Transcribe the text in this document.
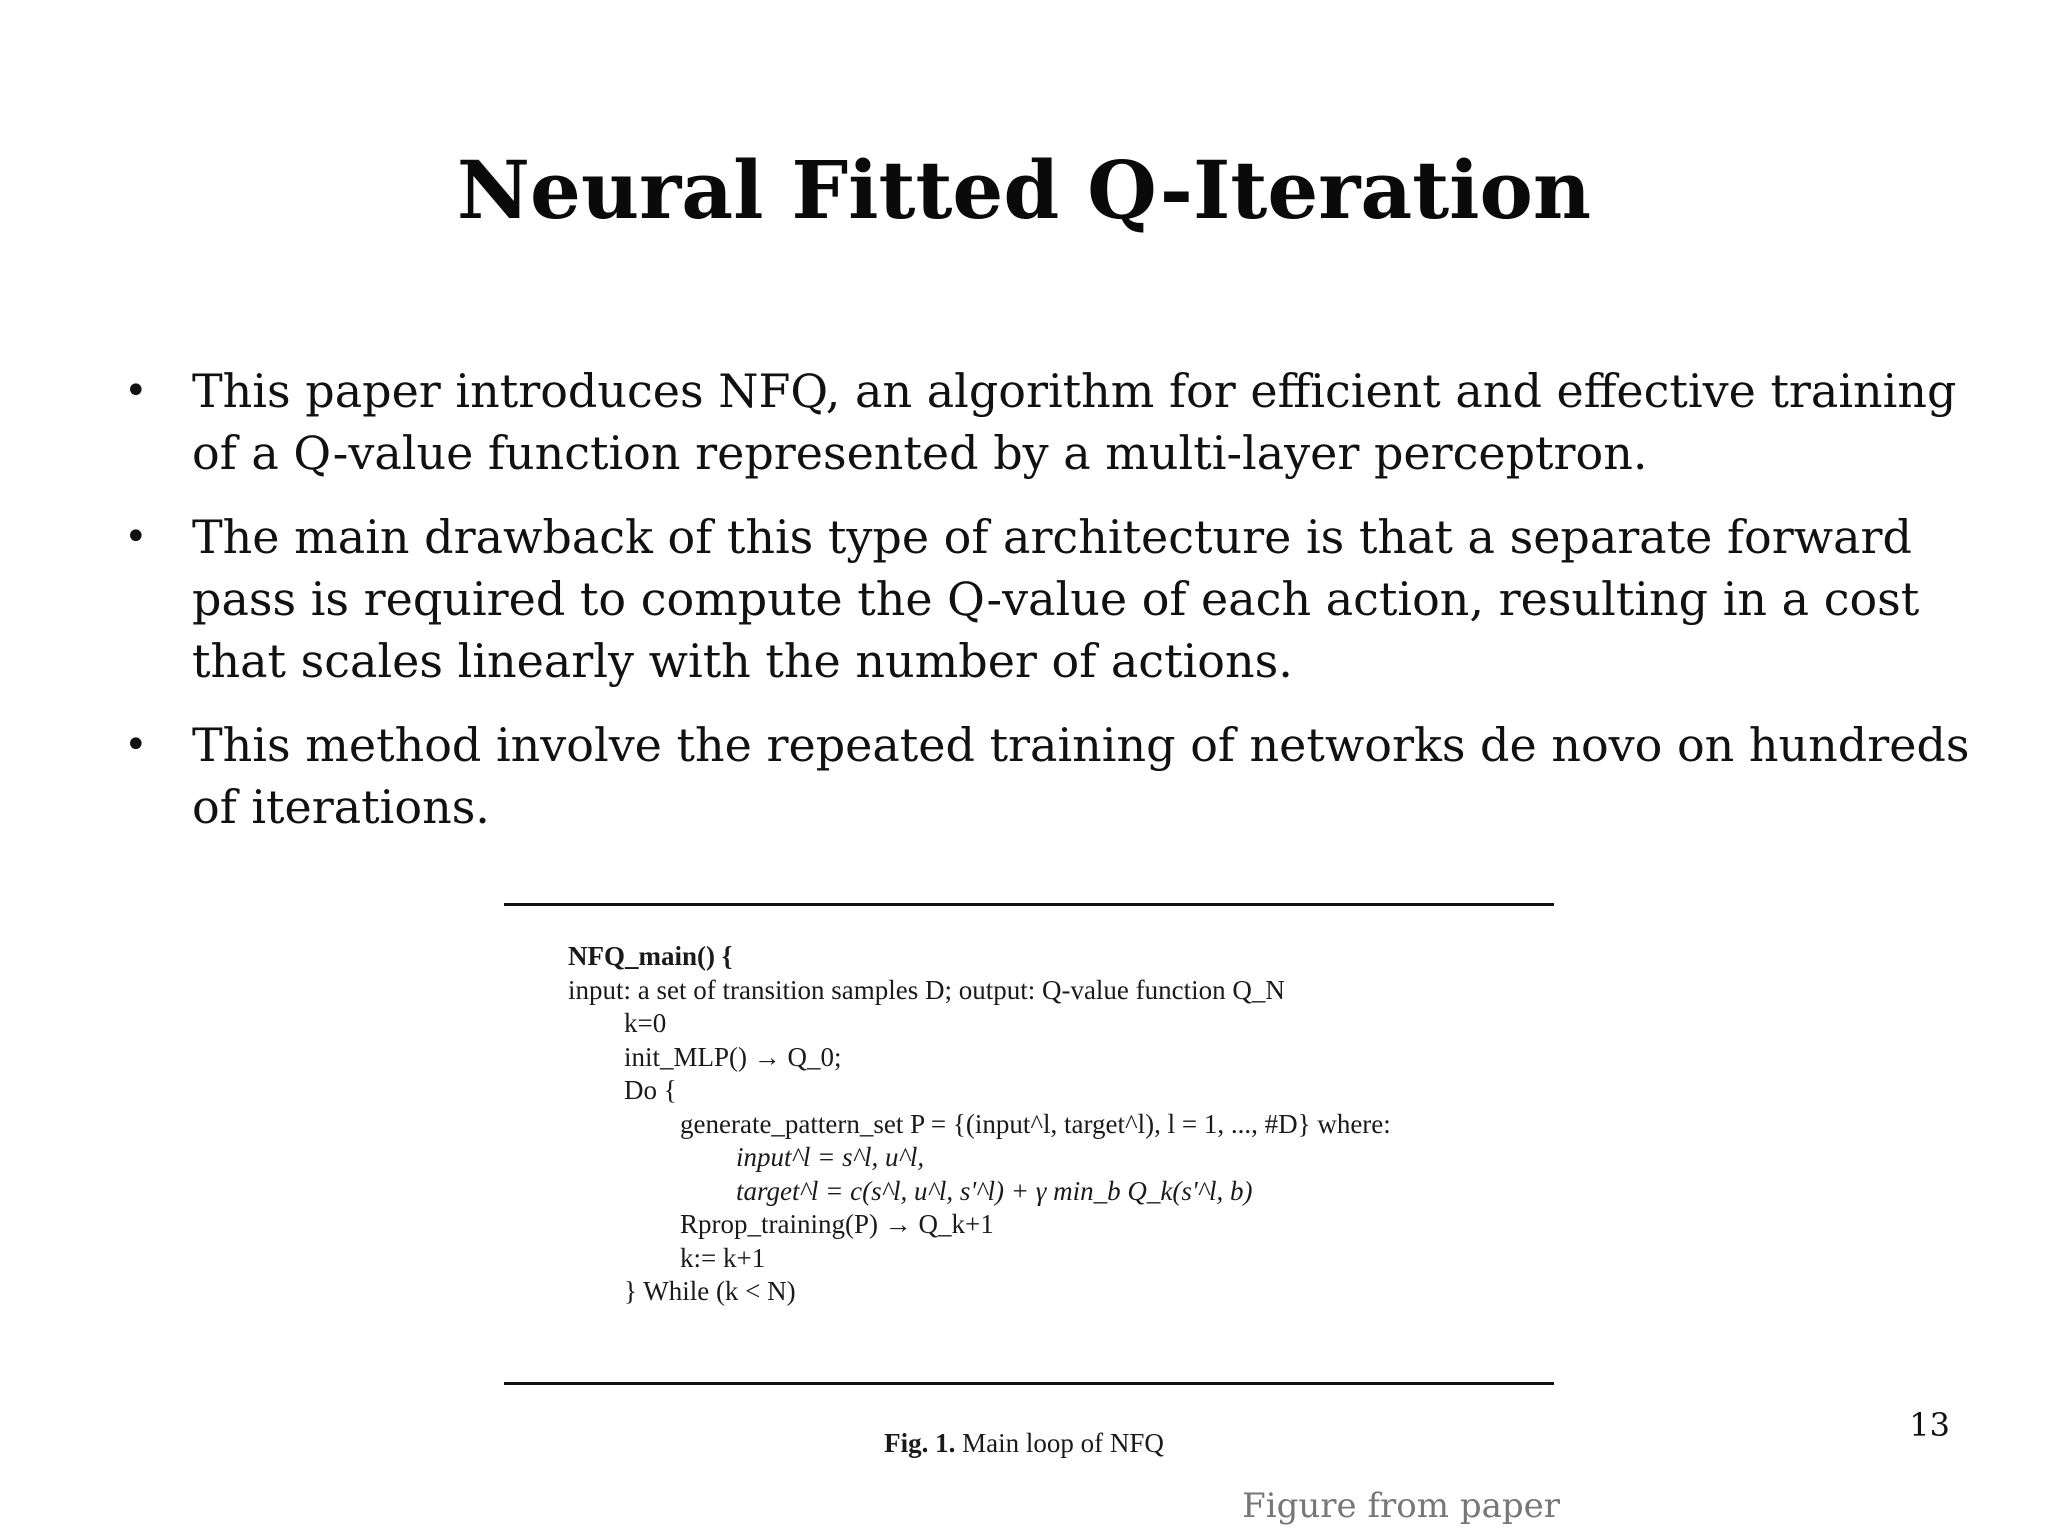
Neural Fitted Q-Iteration
• This paper introduces NFQ, an algorithm for efficient and effective training of a Q-value function represented by a multi-layer perceptron.
• The main drawback of this type of architecture is that a separate forward pass is required to compute the Q-value of each action, resulting in a cost that scales linearly with the number of actions.
• This method involve the repeated training of networks de novo on hundreds of iterations.
NFQ_main() {
input: a set of transition samples D; output: Q-value function Q_N
k=0
init_MLP() → Q_0;
Do {
generate_pattern_set P = {(input^l, target^l), l = 1, ..., #D} where:
input^l = s^l, u^l,
target^l = c(s^l, u^l, s'^l) + γ min_b Q_k(s'^l, b)
Rprop_training(P) → Q_k+1
k:= k+1
} While (k < N)
Fig. 1. Main loop of NFQ	13
Figure from paper
